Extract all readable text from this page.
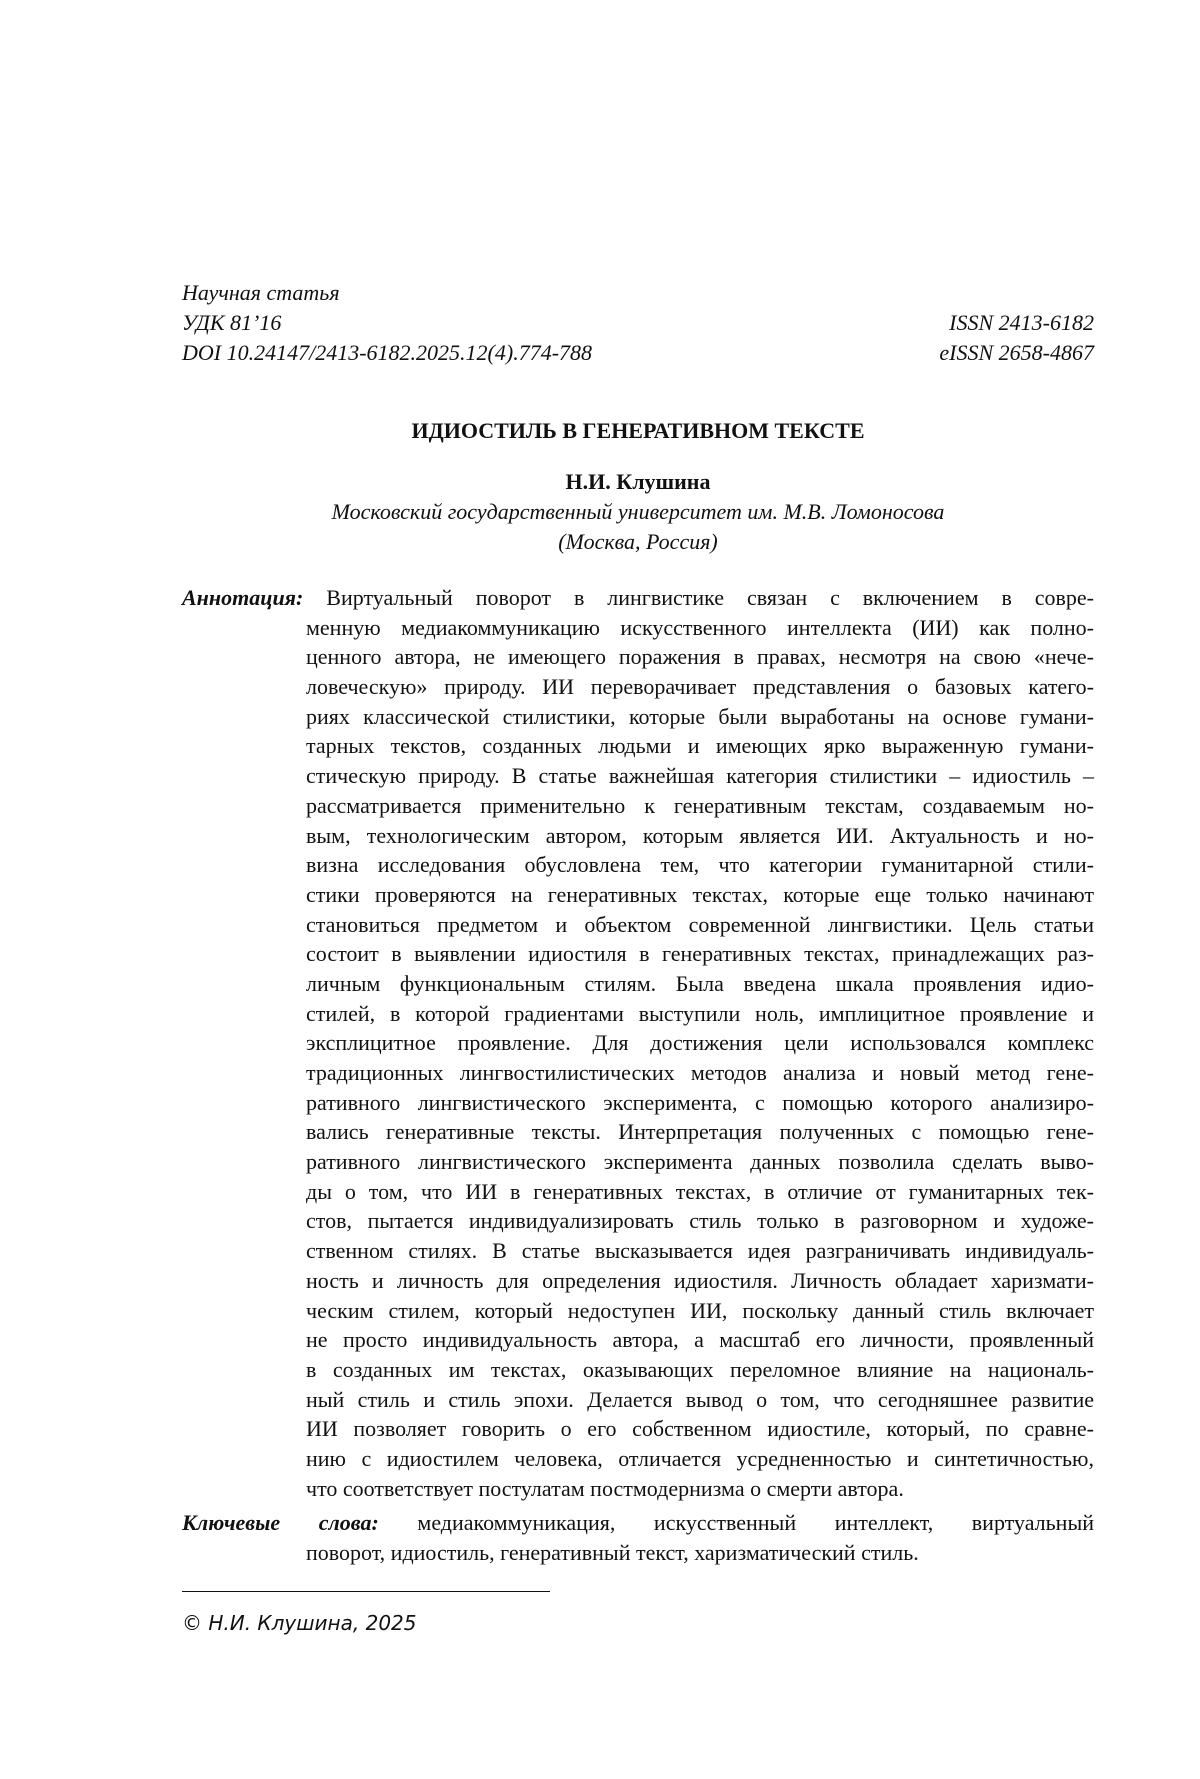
Научная статья
УДК 81’16	ISSN 2413-6182
DOI 10.24147/2413-6182.2025.12(4).774-788	eISSN 2658-4867
ИДИОСТИЛЬ В ГЕНЕРАТИВНОМ ТЕКСТЕ
Н.И. Клушина
Московский государственный университет им. М.В. Ломоносова
(Москва, Россия)
Аннотация: Виртуальный поворот в лингвистике связан с включением в совре-
менную медиакоммуникацию искусственного интеллекта (ИИ) как полно-
ценного автора, не имеющего поражения в правах, несмотря на свою «нече-
ловеческую» природу. ИИ переворачивает представления о базовых катего-
риях классической стилистики, которые были выработаны на основе гумани-
тарных текстов, созданных людьми и имеющих ярко выраженную гумани-
стическую природу. В статье важнейшая категория стилистики – идиостиль –
рассматривается применительно к генеративным текстам, создаваемым но-
вым, технологическим автором, которым является ИИ. Актуальность и но-
визна исследования обусловлена тем, что категории гуманитарной стили-
стики проверяются на генеративных текстах, которые еще только начинают
становиться предметом и объектом современной лингвистики. Цель статьи
состоит в выявлении идиостиля в генеративных текстах, принадлежащих раз-
личным функциональным стилям. Была введена шкала проявления идио-
стилей, в которой градиентами выступили ноль, имплицитное проявление и
эксплицитное проявление. Для достижения цели использовался комплекс
традиционных лингвостилистических методов анализа и новый метод гене-
ративного лингвистического эксперимента, с помощью которого анализиро-
вались генеративные тексты. Интерпретация полученных с помощью гене-
ративного лингвистического эксперимента данных позволила сделать выво-
ды о том, что ИИ в генеративных текстах, в отличие от гуманитарных тек-
стов, пытается индивидуализировать стиль только в разговорном и художе-
ственном стилях. В статье высказывается идея разграничивать индивидуаль-
ность и личность для определения идиостиля. Личность обладает харизмати-
ческим стилем, который недоступен ИИ, поскольку данный стиль включает
не просто индивидуальность автора, а масштаб его личности, проявленный
в созданных им текстах, оказывающих переломное влияние на националь-
ный стиль и стиль эпохи. Делается вывод о том, что сегодняшнее развитие
ИИ позволяет говорить о его собственном идиостиле, который, по сравне-
нию с идиостилем человека, отличается усредненностью и синтетичностью,
что соответствует постулатам постмодернизма о смерти автора.
Ключевые слова: медиакоммуникация, искусственный интеллект, виртуальный
поворот, идиостиль, генеративный текст, харизматический стиль.
© Н.И. Клушина, 2025
